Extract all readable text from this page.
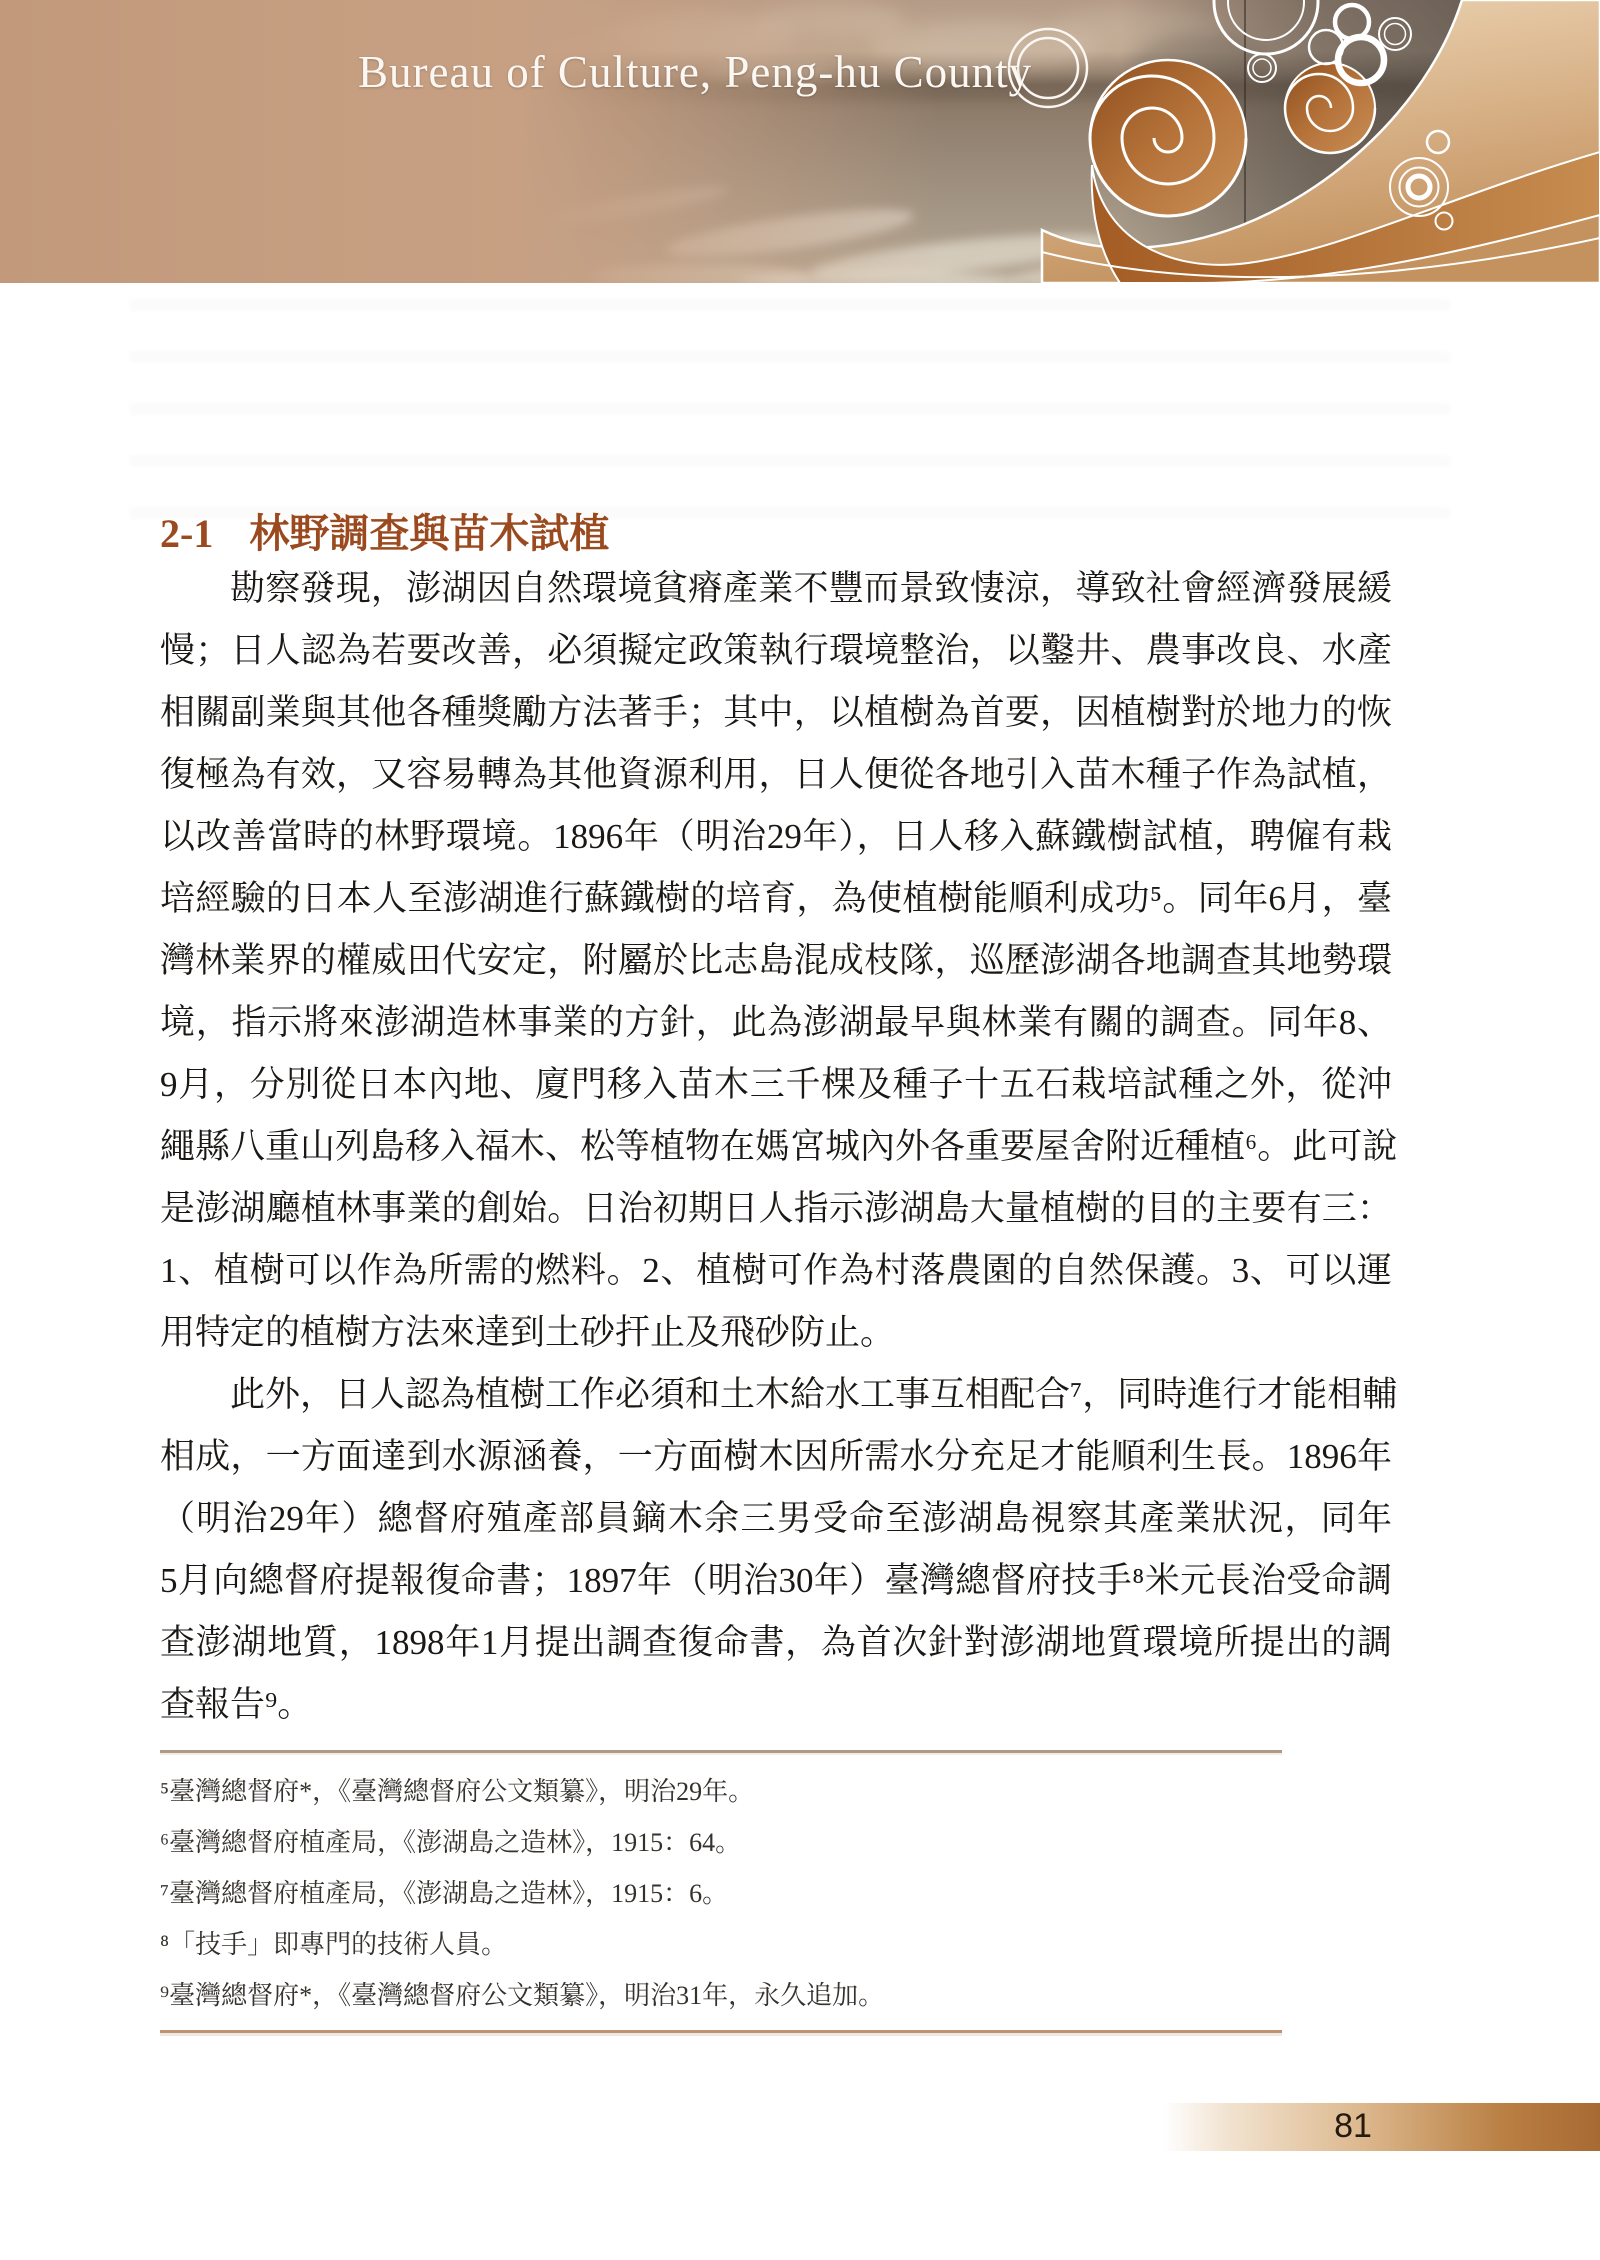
Bureau of Culture, Peng-hu County
2-1 林野調查與苗木試植
勘察發現，澎湖因自然環境貧瘠產業不豐而景致悽涼，導致社會經濟發展緩
慢；日人認為若要改善，必須擬定政策執行環境整治，以鑿井、農事改良、水產
相關副業與其他各種獎勵方法著手；其中，以植樹為首要，因植樹對於地力的恢
復極為有效，又容易轉為其他資源利用，日人便從各地引入苗木種子作為試植，
以改善當時的林野環境。1896年（明治29年），日人移入蘇鐵樹試植，聘僱有栽
培經驗的日本人至澎湖進行蘇鐵樹的培育，為使植樹能順利成功⁵。同年6月，臺
灣林業界的權威田代安定，附屬於比志島混成枝隊，巡歷澎湖各地調查其地勢環
境，指示將來澎湖造林事業的方針，此為澎湖最早與林業有關的調查。同年8、
9月，分別從日本內地、廈門移入苗木三千棵及種子十五石栽培試種之外，從沖
繩縣八重山列島移入福木、松等植物在媽宮城內外各重要屋舍附近種植⁶。此可說
是澎湖廳植林事業的創始。日治初期日人指示澎湖島大量植樹的目的主要有三：
1、植樹可以作為所需的燃料。2、植樹可作為村落農園的自然保護。3、可以運
用特定的植樹方法來達到土砂扞止及飛砂防止。
此外，日人認為植樹工作必須和土木給水工事互相配合⁷，同時進行才能相輔
相成，一方面達到水源涵養，一方面樹木因所需水分充足才能順利生長。1896年
（明治29年）總督府殖產部員鏑木余三男受命至澎湖島視察其產業狀況，同年
5月向總督府提報復命書；1897年（明治30年）臺灣總督府技手⁸米元長治受命調
查澎湖地質，1898年1月提出調查復命書，為首次針對澎湖地質環境所提出的調
查報告⁹。
⁵臺灣總督府*，《臺灣總督府公文類纂》，明治29年。
⁶臺灣總督府植產局，《澎湖島之造林》，1915：64。
⁷臺灣總督府植產局，《澎湖島之造林》，1915：6。
⁸「技手」即專門的技術人員。
⁹臺灣總督府*，《臺灣總督府公文類纂》，明治31年，永久追加。
81
